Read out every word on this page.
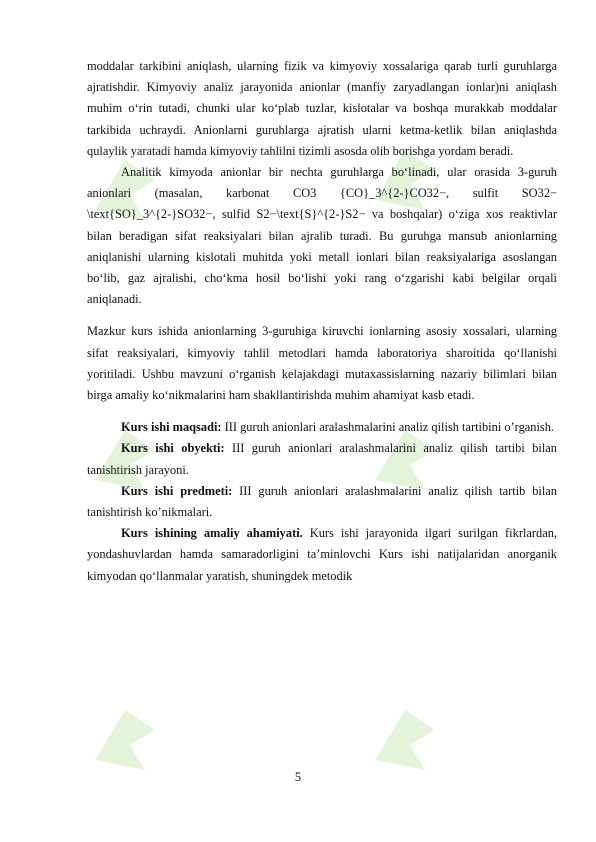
moddalar tarkibini aniqlash, ularning fizik va kimyoviy xossalariga qarab turli guruhlarga ajratishdir. Kimyoviy analiz jarayonida anionlar (manfiy zaryadlangan ionlar)ni aniqlash muhim o‘rin tutadi, chunki ular ko‘plab tuzlar, kislotalar va boshqa murakkab moddalar tarkibida uchraydi. Anionlarni guruhlarga ajratish ularni ketma-ketlik bilan aniqlashda qulaylik yaratadi hamda kimyoviy tahlilni tizimli asosda olib borishga yordam beradi.

Analitik kimyoda anionlar bir nechta guruhlarga bo‘linadi, ular orasida 3-guruh anionlari (masalan, karbonat CO3 {CO}_3^{2-}CO32−, sulfit SO32−\text{SO}_3^{2-}SO32−, sulfid S2−\text{S}^{2-}S2− va boshqalar) o‘ziga xos reaktivlar bilan beradigan sifat reaksiyalari bilan ajralib turadi. Bu guruhga mansub anionlarning aniqlanishi ularning kislotali muhitda yoki metall ionlari bilan reaksiyalariga asoslangan bo‘lib, gaz ajralishi, cho‘kma hosil bo‘lishi yoki rang o‘zgarishi kabi belgilar orqali aniqlanadi.

Mazkur kurs ishida anionlarning 3-guruhiga kiruvchi ionlarning asosiy xossalari, ularning sifat reaksiyalari, kimyoviy tahlil metodlari hamda laboratoriya sharoitida qo‘llanishi yoritiladi. Ushbu mavzuni o‘rganish kelajakdagi mutaxassislarning nazariy bilimlari bilan birga amaliy ko‘nikmalarini ham shakllantirishda muhim ahamiyat kasb etadi.

Kurs ishi maqsadi: III guruh anionlari aralashmalarini analiz qilish tartibini o’rganish.

Kurs ishi obyekti: III guruh anionlari aralashmalarini analiz qilish tartibi bilan tanishtirish jarayoni.

Kurs ishi predmeti: III guruh anionlari aralashmalarini analiz qilish tartib bilan tanishtirish ko’nikmalari.

Kurs ishining amaliy ahamiyati. Kurs ishi jarayonida ilgari surilgan fikrlardan, yondashuvlardan hamda samaradorligini ta’minlovchi Kurs ishi natijalaridan anorganik kimyodan qo‘llanmalar yaratish, shuningdek metodik

5
